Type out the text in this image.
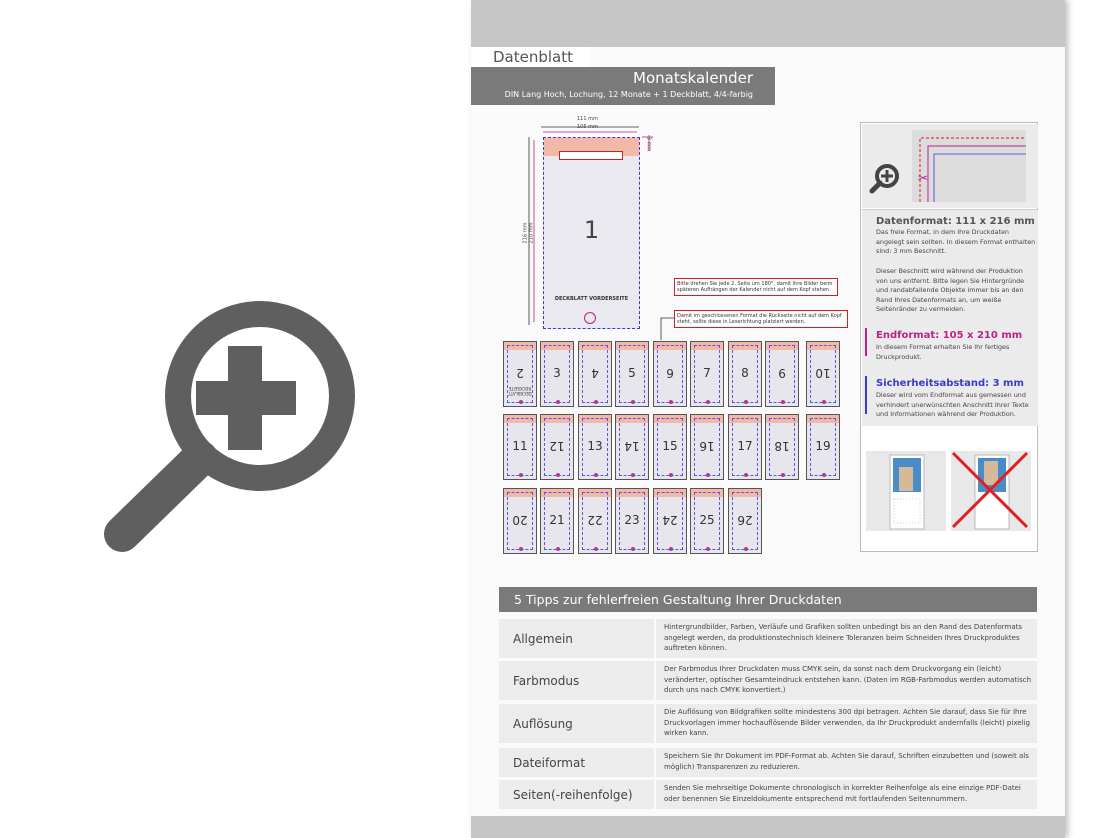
Datenblatt
Monatskalender
DIN Lang Hoch, Lochung, 12 Monate + 1 Deckblatt, 4/4-farbig
111 mm
105 mm
216 mm 210 mm
3 mm
1
DECKBLATT VORDERSEITE
Bitte drehen Sie jede 2. Seite um 180°, damit Ihre Bilder beim späteren Aufhängen der Kalender nicht auf dem Kopf stehen.
Damit im geschlossenen Format die Rückseite nicht auf dem Kopf steht, sollte diese in Leserichtung platziert werden.
2
DECKBLATT RÜCKSEITE
3	4	5	6	7	8	9	10
11	12	13	14	15	16	17	18	19
20	21	22	23	24	25	26
✂
Datenformat: 111 x 216 mm
Das freie Format, in dem Ihre Druckdaten angelegt sein sollten. In diesem Format enthalten sind: 3 mm Beschnitt.
Dieser Beschnitt wird während der Produktion von uns entfernt. Bitte legen Sie Hintergründe und randabfallende Objekte immer bis an den Rand Ihres Datenformats an, um weiße Seitenränder zu vermeiden.
Endformat: 105 x 210 mm
In diesem Format erhalten Sie Ihr fertiges Druckprodukt.
Sicherheitsabstand: 3 mm
Dieser wird vom Endformat aus gemessen und verhindert unerwünschten Anschnitt Ihrer Texte und Informationen während der Produktion.
5 Tipps zur fehlerfreien Gestaltung Ihrer Druckdaten
Allgemein
Hintergrundbilder, Farben, Verläufe und Grafiken sollten unbedingt bis an den Rand des Datenformats angelegt werden, da produktionstechnisch kleinere Toleranzen beim Schneiden Ihres Druckproduktes auftreten können.
Farbmodus
Der Farbmodus Ihrer Druckdaten muss CMYK sein, da sonst nach dem Druckvorgang ein (leicht) veränderter, optischer Gesamteindruck entstehen kann. (Daten im RGB-Farbmodus werden automatisch durch uns nach CMYK konvertiert.)
Auflösung
Die Auflösung von Bildgrafiken sollte mindestens 300 dpi betragen. Achten Sie darauf, dass Sie für Ihre Druckvorlagen immer hochauflösende Bilder verwenden, da Ihr Druckprodukt andernfalls (leicht) pixelig wirken kann.
Dateiformat	Speichern Sie Ihr Dokument im PDF-Format ab. Achten Sie darauf, Schriften einzubetten und (soweit als möglich) Transparenzen zu reduzieren.
Seiten(-reihenfolge)	Senden Sie mehrseitige Dokumente chronologisch in korrekter Reihenfolge als eine einzige PDF-Datei oder benennen Sie Einzeldokumente entsprechend mit fortlaufenden Seitennummern.
